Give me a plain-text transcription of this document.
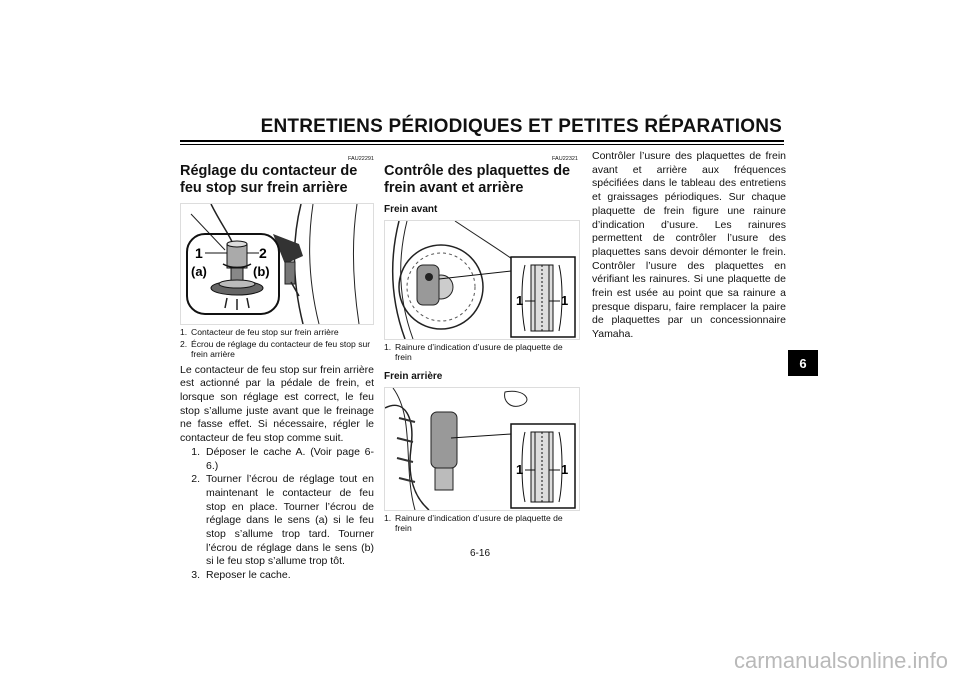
ENTRETIENS PÉRIODIQUES ET PETITES RÉPARATIONS
6
FAU22291
Réglage du contacteur de feu stop sur frein arrière
1	2
(a)	(b)
1. Contacteur de feu stop sur frein arrière
2. Écrou de réglage du contacteur de feu stop sur frein arrière

Le contacteur de feu stop sur frein arrière est actionné par la pédale de frein, et lorsque son réglage est correct, le feu stop s’allume juste avant que le freinage ne fasse effet. Si nécessaire, régler le contacteur de feu stop comme suit.

1. Déposer le cache A. (Voir page 6-6.)
2. Tourner l’écrou de réglage tout en maintenant le contacteur de feu stop en place. Tourner l’écrou de réglage dans le sens (a) si le feu stop s’allume trop tard. Tourner l’écrou de réglage dans le sens (b) si le feu stop s’allume trop tôt.
3. Reposer le cache.
FAU22321
Contrôle des plaquettes de frein avant et arrière
Frein avant
1	1
1. Rainure d’indication d’usure de plaquette de frein
Frein arrière
1	1
1. Rainure d’indication d’usure de plaquette de frein

Contrôler l’usure des plaquettes de frein avant et arrière aux fréquences spécifiées dans le tableau des entretiens et graissages périodiques. Sur chaque plaquette de frein figure une rainure d’indication d’usure. Les rainures permettent de contrôler l’usure des plaquettes sans devoir démonter le frein. Contrôler l’usure des plaquettes en vérifiant les rainures. Si une plaquette de frein est usée au point que sa rainure a presque disparu, faire remplacer la paire de plaquettes par un concessionnaire Yamaha.

6-16
carmanualsonline.info
